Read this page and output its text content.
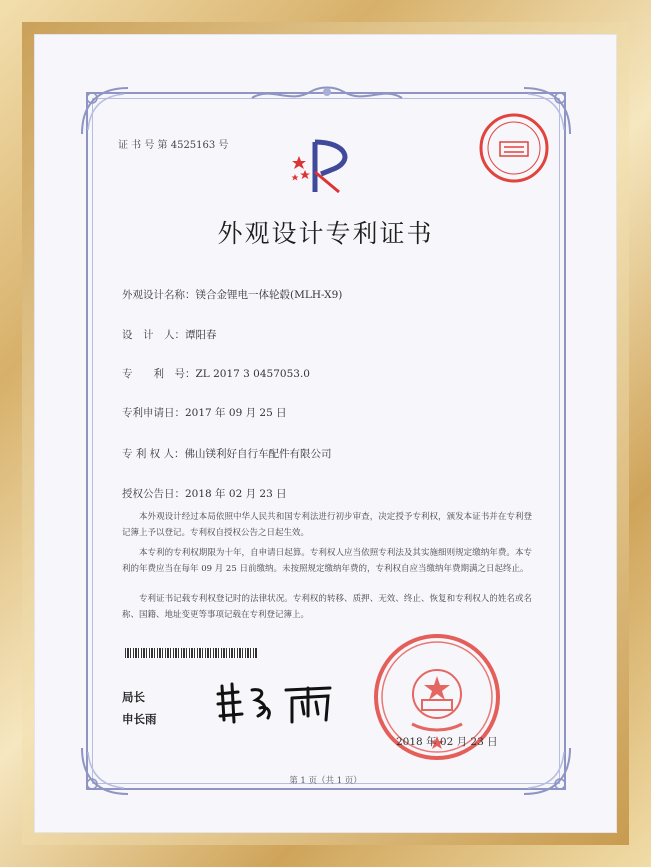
证 书 号 第 4525163 号
外观设计专利证书
外观设计名称：镁合金锂电一体轮毂(MLH-X9)
设　计　人：谭阳春
专　　利　号：ZL 2017 3 0457053.0
专利申请日：2017 年 09 月 25 日
专 利 权 人：佛山镁利好自行车配件有限公司
授权公告日：2018 年 02 月 23 日
本外观设计经过本局依照中华人民共和国专利法进行初步审查，决定授予专利权，颁发本证书并在专利登记簿上予以登记。专利权自授权公告之日起生效。
本专利的专利权期限为十年，自申请日起算。专利权人应当依照专利法及其实施细则规定缴纳年费。本专利的年费应当在每年 09 月 25 日前缴纳。未按照规定缴纳年费的，专利权自应当缴纳年费期满之日起终止。
专利证书记载专利权登记时的法律状况。专利权的转移、质押、无效、终止、恢复和专利权人的姓名或名称、国籍、地址变更等事项记载在专利登记簿上。
局长
申长雨
2018 年 02 月 23 日
第 1 页（共 1 页）
